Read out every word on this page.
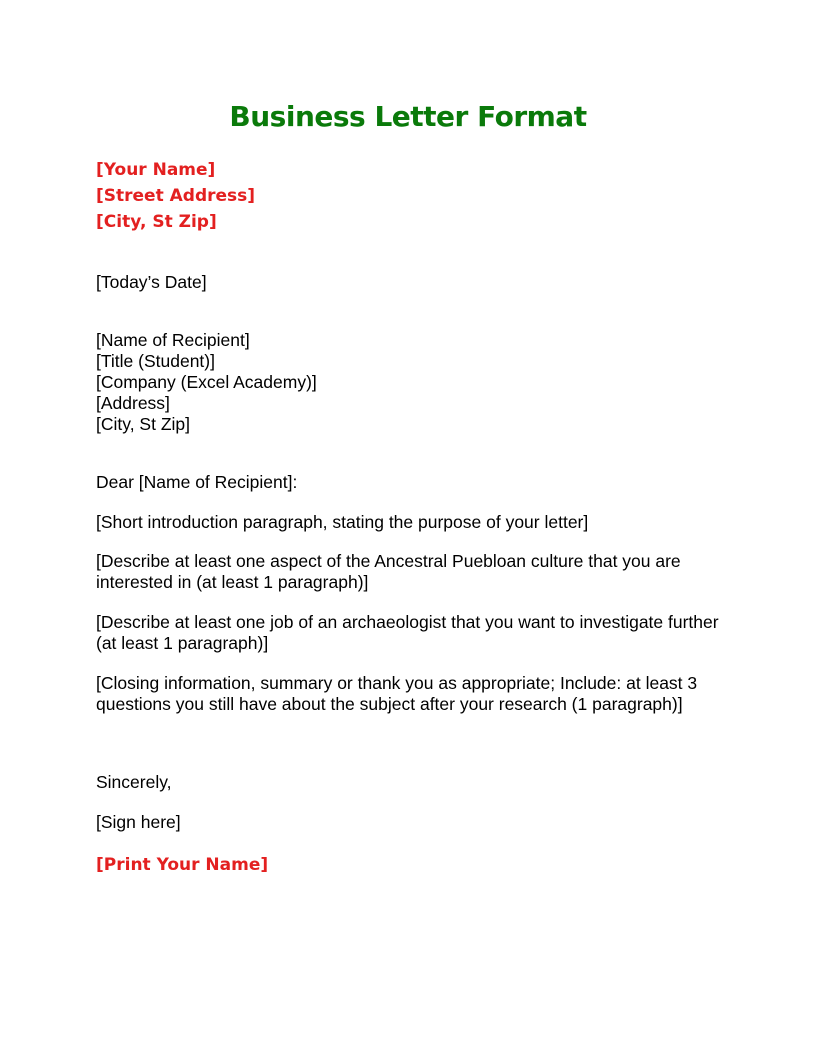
Business Letter Format
[Your Name]
[Street Address]
[City, St Zip]

[Today’s Date]

[Name of Recipient]
[Title (Student)]
[Company (Excel Academy)]
[Address]
[City, St Zip]

Dear [Name of Recipient]:

[Short introduction paragraph, stating the purpose of your letter]

[Describe at least one aspect of the Ancestral Puebloan culture that you are interested in (at least 1 paragraph)]

[Describe at least one job of an archaeologist that you want to investigate further (at least 1 paragraph)]

[Closing information, summary or thank you as appropriate; Include: at least 3 questions you still have about the subject after your research (1 paragraph)]

Sincerely,

[Sign here]

[Print Your Name]
